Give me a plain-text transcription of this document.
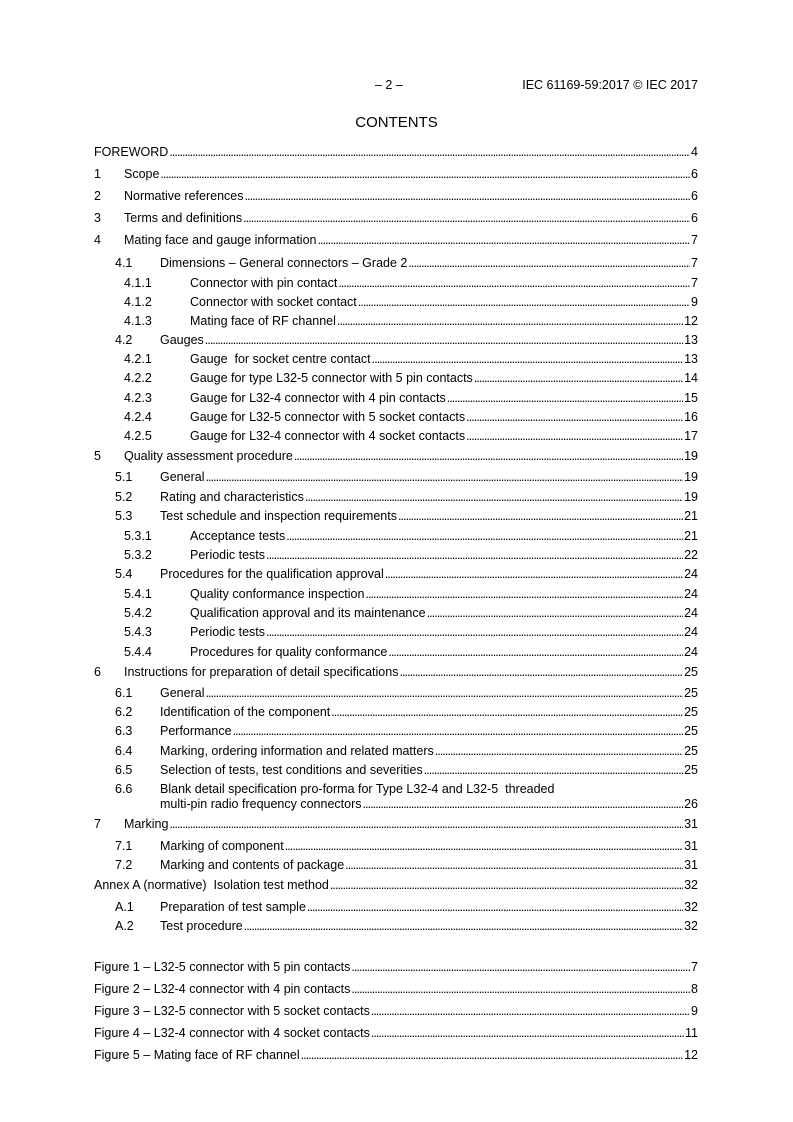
– 2 –	IEC 61169-59:2017 © IEC 2017
CONTENTS
FOREWORD . . .	4
1 Scope . . .	6
2 Normative references . . .	6
3 Terms and definitions . . .	6
4 Mating face and gauge information . . .	7
4.1 Dimensions – General connectors – Grade 2 . . .	7
4.1.1	Connector with pin contact . . .	7
4.1.2	Connector with socket contact . . .	9
4.1.3	Mating face of RF channel . . .	12
4.2 Gauges . . .	13
4.2.1	Gauge  for socket centre contact . . .	13
4.2.2	Gauge for type L32-5 connector with 5 pin contacts . . .	14
4.2.3	Gauge for L32-4 connector with 4 pin contacts . . .	15
4.2.4	Gauge for L32-5 connector with 5 socket contacts . . .	16
4.2.5	Gauge for L32-4 connector with 4 socket contacts . . .	17
5 Quality assessment procedure . . .	19
5.1 General . . .	19
5.2 Rating and characteristics . . .	19
5.3 Test schedule and inspection requirements . . .	21
5.3.1	Acceptance tests . . .	21
5.3.2	Periodic tests . . .	22
5.4 Procedures for the qualification approval . . .	24
5.4.1	Quality conformance inspection . . .	24
5.4.2	Qualification approval and its maintenance . . .	24
5.4.3	Periodic tests . . .	24
5.4.4	Procedures for quality conformance . . .	24
6 Instructions for preparation of detail specifications . . .	25
6.1 General . . .	25
6.2 Identification of the component . . .	25
6.3 Performance . . .	25
6.4 Marking, ordering information and related matters . . .	25
6.5 Selection of tests, test conditions and severities . . .	25
6.6 Blank detail specification pro-forma for Type L32-4 and L32-5  threaded
multi-pin radio frequency connectors . . .	26
7 Marking . . .	31
7.1 Marking of component . . .	31
7.2 Marking and contents of package . . .	31
Annex A (normative)  Isolation test method . . .	32
A.1 Preparation of test sample . . .	32
A.2 Test procedure . . .	32
Figure 1 – L32-5 connector with 5 pin contacts . . .	7
Figure 2 – L32-4 connector with 4 pin contacts . . .	8
Figure 3 – L32-5 connector with 5 socket contacts . . .	9
Figure 4 – L32-4 connector with 4 socket contacts . . .	11
Figure 5 – Mating face of RF channel . . .	12
